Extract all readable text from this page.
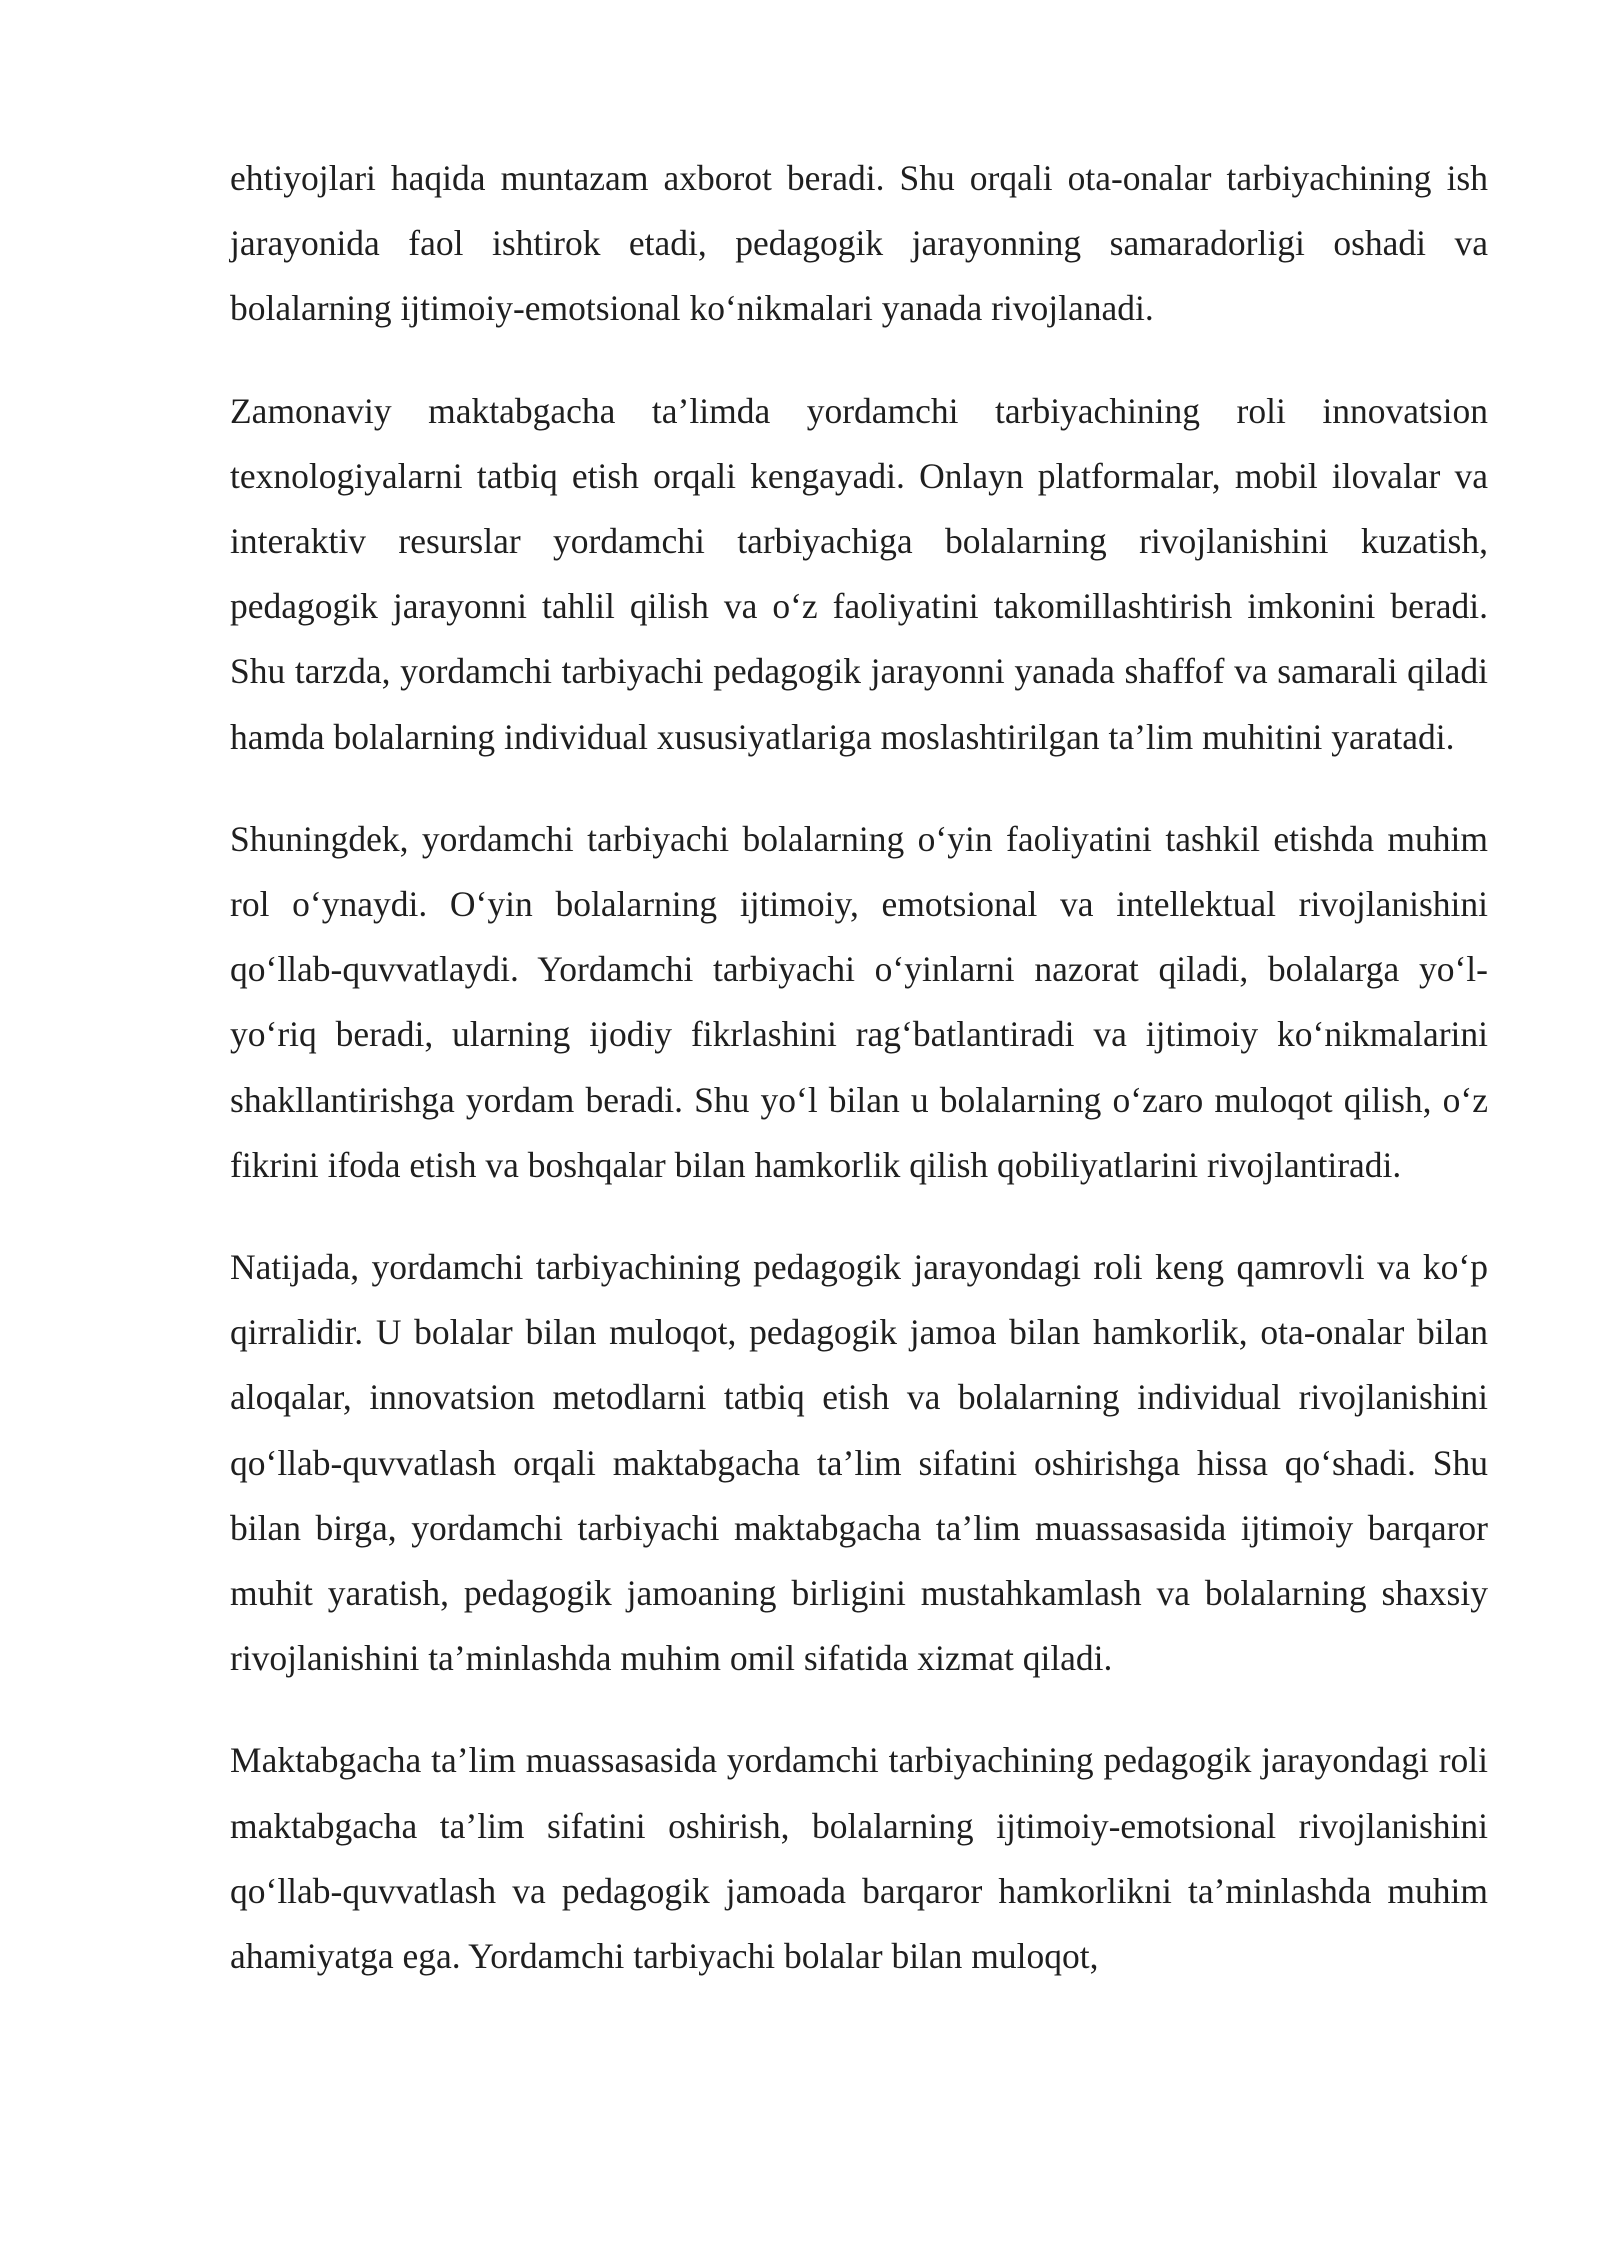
ehtiyojlari haqida muntazam axborot beradi. Shu orqali ota-onalar tarbiyachining ish jarayonida faol ishtirok etadi, pedagogik jarayonning samaradorligi oshadi va bolalarning ijtimoiy-emotsional ko‘nikmalari yanada rivojlanadi.

Zamonaviy maktabgacha ta’limda yordamchi tarbiyachining roli innovatsion texnologiyalarni tatbiq etish orqali kengayadi. Onlayn platformalar, mobil ilovalar va interaktiv resurslar yordamchi tarbiyachiga bolalarning rivojlanishini kuzatish, pedagogik jarayonni tahlil qilish va o‘z faoliyatini takomillashtirish imkonini beradi. Shu tarzda, yordamchi tarbiyachi pedagogik jarayonni yanada shaffof va samarali qiladi hamda bolalarning individual xususiyatlariga moslashtirilgan ta’lim muhitini yaratadi.

Shuningdek, yordamchi tarbiyachi bolalarning o‘yin faoliyatini tashkil etishda muhim rol o‘ynaydi. O‘yin bolalarning ijtimoiy, emotsional va intellektual rivojlanishini qo‘llab-quvvatlaydi. Yordamchi tarbiyachi o‘yinlarni nazorat qiladi, bolalarga yo‘l-yo‘riq beradi, ularning ijodiy fikrlashini rag‘batlantiradi va ijtimoiy ko‘nikmalarini shakllantirishga yordam beradi. Shu yo‘l bilan u bolalarning o‘zaro muloqot qilish, o‘z fikrini ifoda etish va boshqalar bilan hamkorlik qilish qobiliyatlarini rivojlantiradi.

Natijada, yordamchi tarbiyachining pedagogik jarayondagi roli keng qamrovli va ko‘p qirralidir. U bolalar bilan muloqot, pedagogik jamoa bilan hamkorlik, ota-onalar bilan aloqalar, innovatsion metodlarni tatbiq etish va bolalarning individual rivojlanishini qo‘llab-quvvatlash orqali maktabgacha ta’lim sifatini oshirishga hissa qo‘shadi. Shu bilan birga, yordamchi tarbiyachi maktabgacha ta’lim muassasasida ijtimoiy barqaror muhit yaratish, pedagogik jamoaning birligini mustahkamlash va bolalarning shaxsiy rivojlanishini ta’minlashda muhim omil sifatida xizmat qiladi.

Maktabgacha ta’lim muassasasida yordamchi tarbiyachining pedagogik jarayondagi roli maktabgacha ta’lim sifatini oshirish, bolalarning ijtimoiy-emotsional rivojlanishini qo‘llab-quvvatlash va pedagogik jamoada barqaror hamkorlikni ta’minlashda muhim ahamiyatga ega. Yordamchi tarbiyachi bolalar bilan muloqot,
